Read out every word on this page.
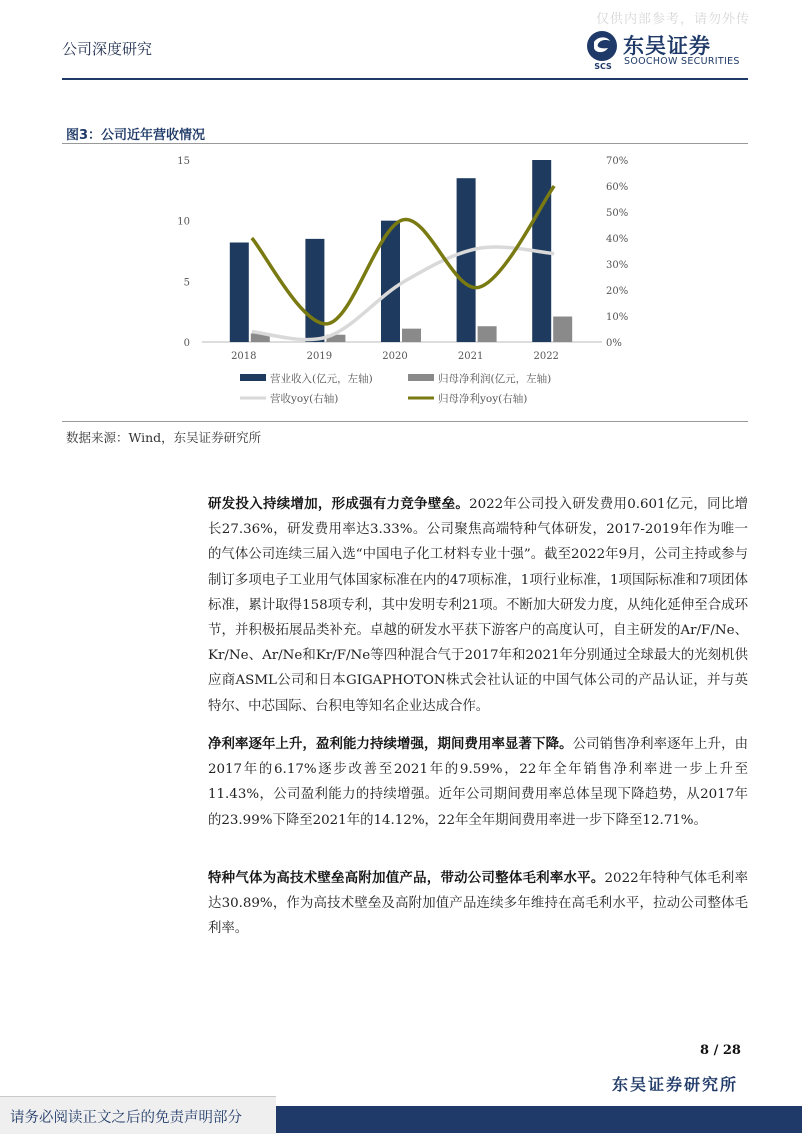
仅供内部参考，请勿外传
公司深度研究
SCS
东吴证券
SOOCHOW SECURITIES
图3：公司近年营收情况
0
5
10
15
0%
10%
20%
30%
40%
50%
60%
70%
2018	2019	2020	2021	2022
营业收入(亿元，左轴)	归母净利润(亿元，左轴)
营收yoy(右轴)	归母净利yoy(右轴)
数据来源：Wind，东吴证券研究所
研发投入持续增加，形成强有力竞争壁垒。2022年公司投入研发费用0.601亿元，同比增长27.36%，研发费用率达3.33%。公司聚焦高端特种气体研发，2017-2019年作为唯一的气体公司连续三届入选“中国电子化工材料专业十强”。截至2022年9月，公司主持或参与制订多项电子工业用气体国家标准在内的47项标准，1项行业标准，1项国际标准和7项团体标准，累计取得158项专利，其中发明专利21项。不断加大研发力度，从纯化延伸至合成环节，并积极拓展品类补充。卓越的研发水平获下游客户的高度认可，自主研发的Ar/F/Ne、Kr/Ne、Ar/Ne和Kr/F/Ne等四种混合气于2017年和2021年分别通过全球最大的光刻机供应商ASML公司和日本GIGAPHOTON株式会社认证的中国气体公司的产品认证，并与英特尔、中芯国际、台积电等知名企业达成合作。
净利率逐年上升，盈利能力持续增强，期间费用率显著下降。公司销售净利率逐年上升，由2017年的6.17%逐步改善至2021年的9.59%，22年全年销售净利率进一步上升至11.43%，公司盈利能力的持续增强。近年公司期间费用率总体呈现下降趋势，从2017年的23.99%下降至2021年的14.12%，22年全年期间费用率进一步下降至12.71%。
特种气体为高技术壁垒高附加值产品，带动公司整体毛利率水平。2022年特种气体毛利率达30.89%，作为高技术壁垒及高附加值产品连续多年维持在高毛利水平，拉动公司整体毛利率。
8 / 28
东吴证券研究所
请务必阅读正文之后的免责声明部分
